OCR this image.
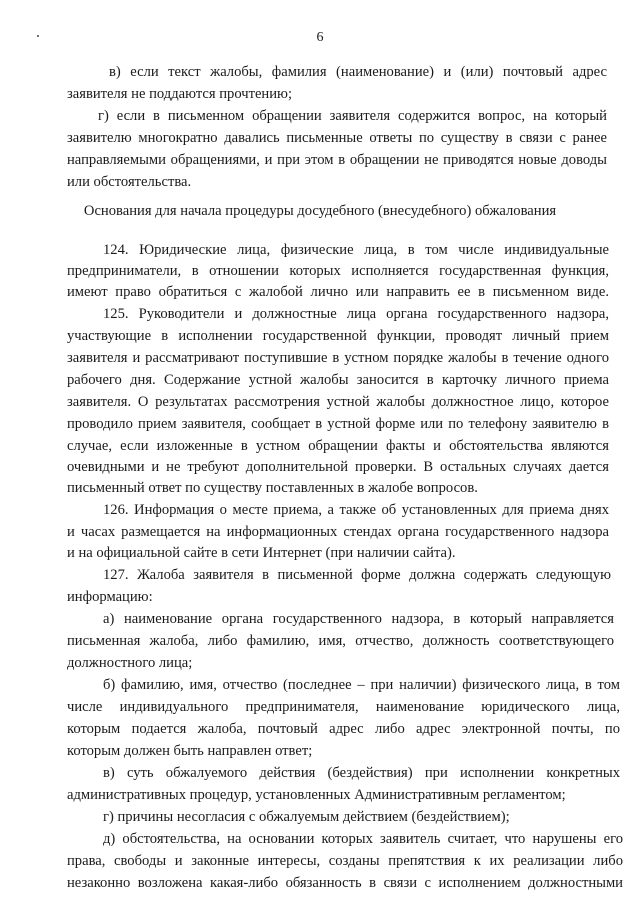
6
в) если текст жалобы, фамилия (наименование) и (или) почтовый адрес
заявителя не поддаются прочтению;
г) если в письменном обращении заявителя содержится вопрос, на который
заявителю многократно давались письменные ответы по существу в связи с ранее
направляемыми обращениями, и при этом в обращении не приводятся новые доводы
или обстоятельства.
Основания для начала процедуры досудебного (внесудебного) обжалования
124. Юридические лица, физические лица, в том числе индивидуальные
предприниматели, в отношении которых исполняется государственная функция,
имеют право обратиться с жалобой лично или направить ее в письменном виде.
125. Руководители и должностные лица органа государственного надзора,
участвующие в исполнении государственной функции, проводят личный прием
заявителя и рассматривают поступившие в устном порядке жалобы в течение одного
рабочего дня. Содержание устной жалобы заносится в карточку личного приема
заявителя. О результатах рассмотрения устной жалобы должностное лицо, которое
проводило прием заявителя, сообщает в устной форме или по телефону заявителю в
случае, если изложенные в устном обращении факты и обстоятельства являются
очевидными и не требуют дополнительной проверки. В остальных случаях дается
письменный ответ по существу поставленных в жалобе вопросов.
126. Информация о месте приема, а также об установленных для приема днях
и часах размещается на информационных стендах органа государственного надзора
и на официальной сайте в сети Интернет (при наличии сайта).
127. Жалоба заявителя в письменной форме должна содержать следующую
информацию:
а) наименование органа государственного надзора, в который направляется
письменная жалоба, либо фамилию, имя, отчество, должность соответствующего
должностного лица;
б) фамилию, имя, отчество (последнее – при наличии) физического лица, в том
числе индивидуального предпринимателя, наименование юридического лица,
которым подается жалоба, почтовый адрес либо адрес электронной почты, по
которым должен быть направлен ответ;
в) суть обжалуемого действия (бездействия) при исполнении конкретных
административных процедур, установленных Административным регламентом;
г) причины несогласия с обжалуемым действием (бездействием);
д) обстоятельства, на основании которых заявитель считает, что нарушены его
права, свободы и законные интересы, созданы препятствия к их реализации либо
незаконно возложена какая-либо обязанность в связи с исполнением должностными
